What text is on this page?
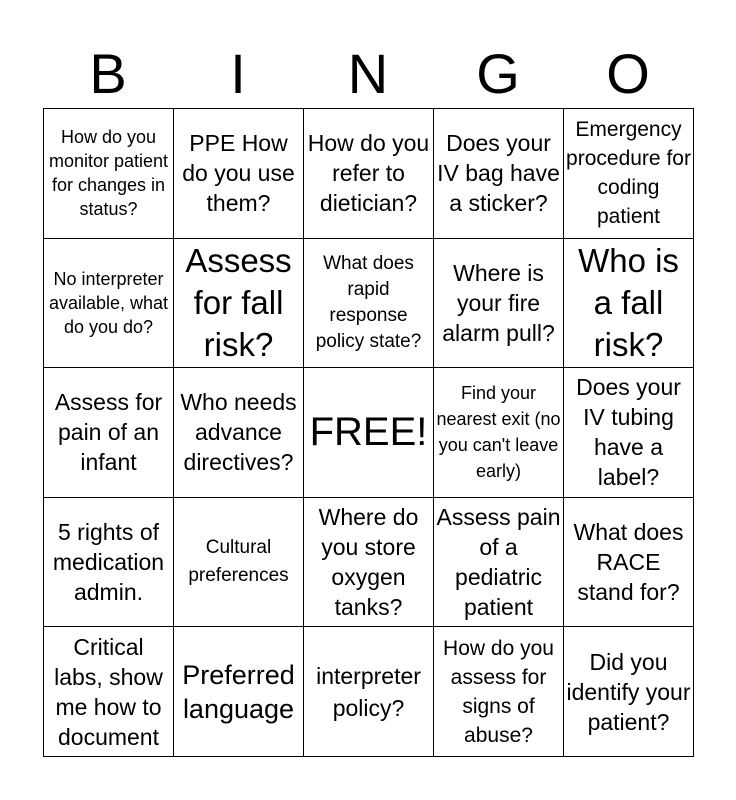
B	I	N	G	O
How do you monitor patient for changes in status?	PPE How do you use them?	How do you refer to dietician?	Does your IV bag have a sticker?	Emergency procedure for coding patient

No interpreter available, what do you do?	Assess for fall risk?	What does rapid response policy state?	Where is your fire alarm pull?	Who is a fall risk?

Assess for pain of an infant	Who needs advance directives?	FREE!	Find your nearest exit (no you can't leave early)	Does your IV tubing have a label?

5 rights of medication admin.	Cultural preferences	Where do you store oxygen tanks?	Assess pain of a pediatric patient	What does RACE stand for?

Critical labs, show me how to document	Preferred language	interpreter policy?	How do you assess for signs of abuse?	Did you identify your patient?
